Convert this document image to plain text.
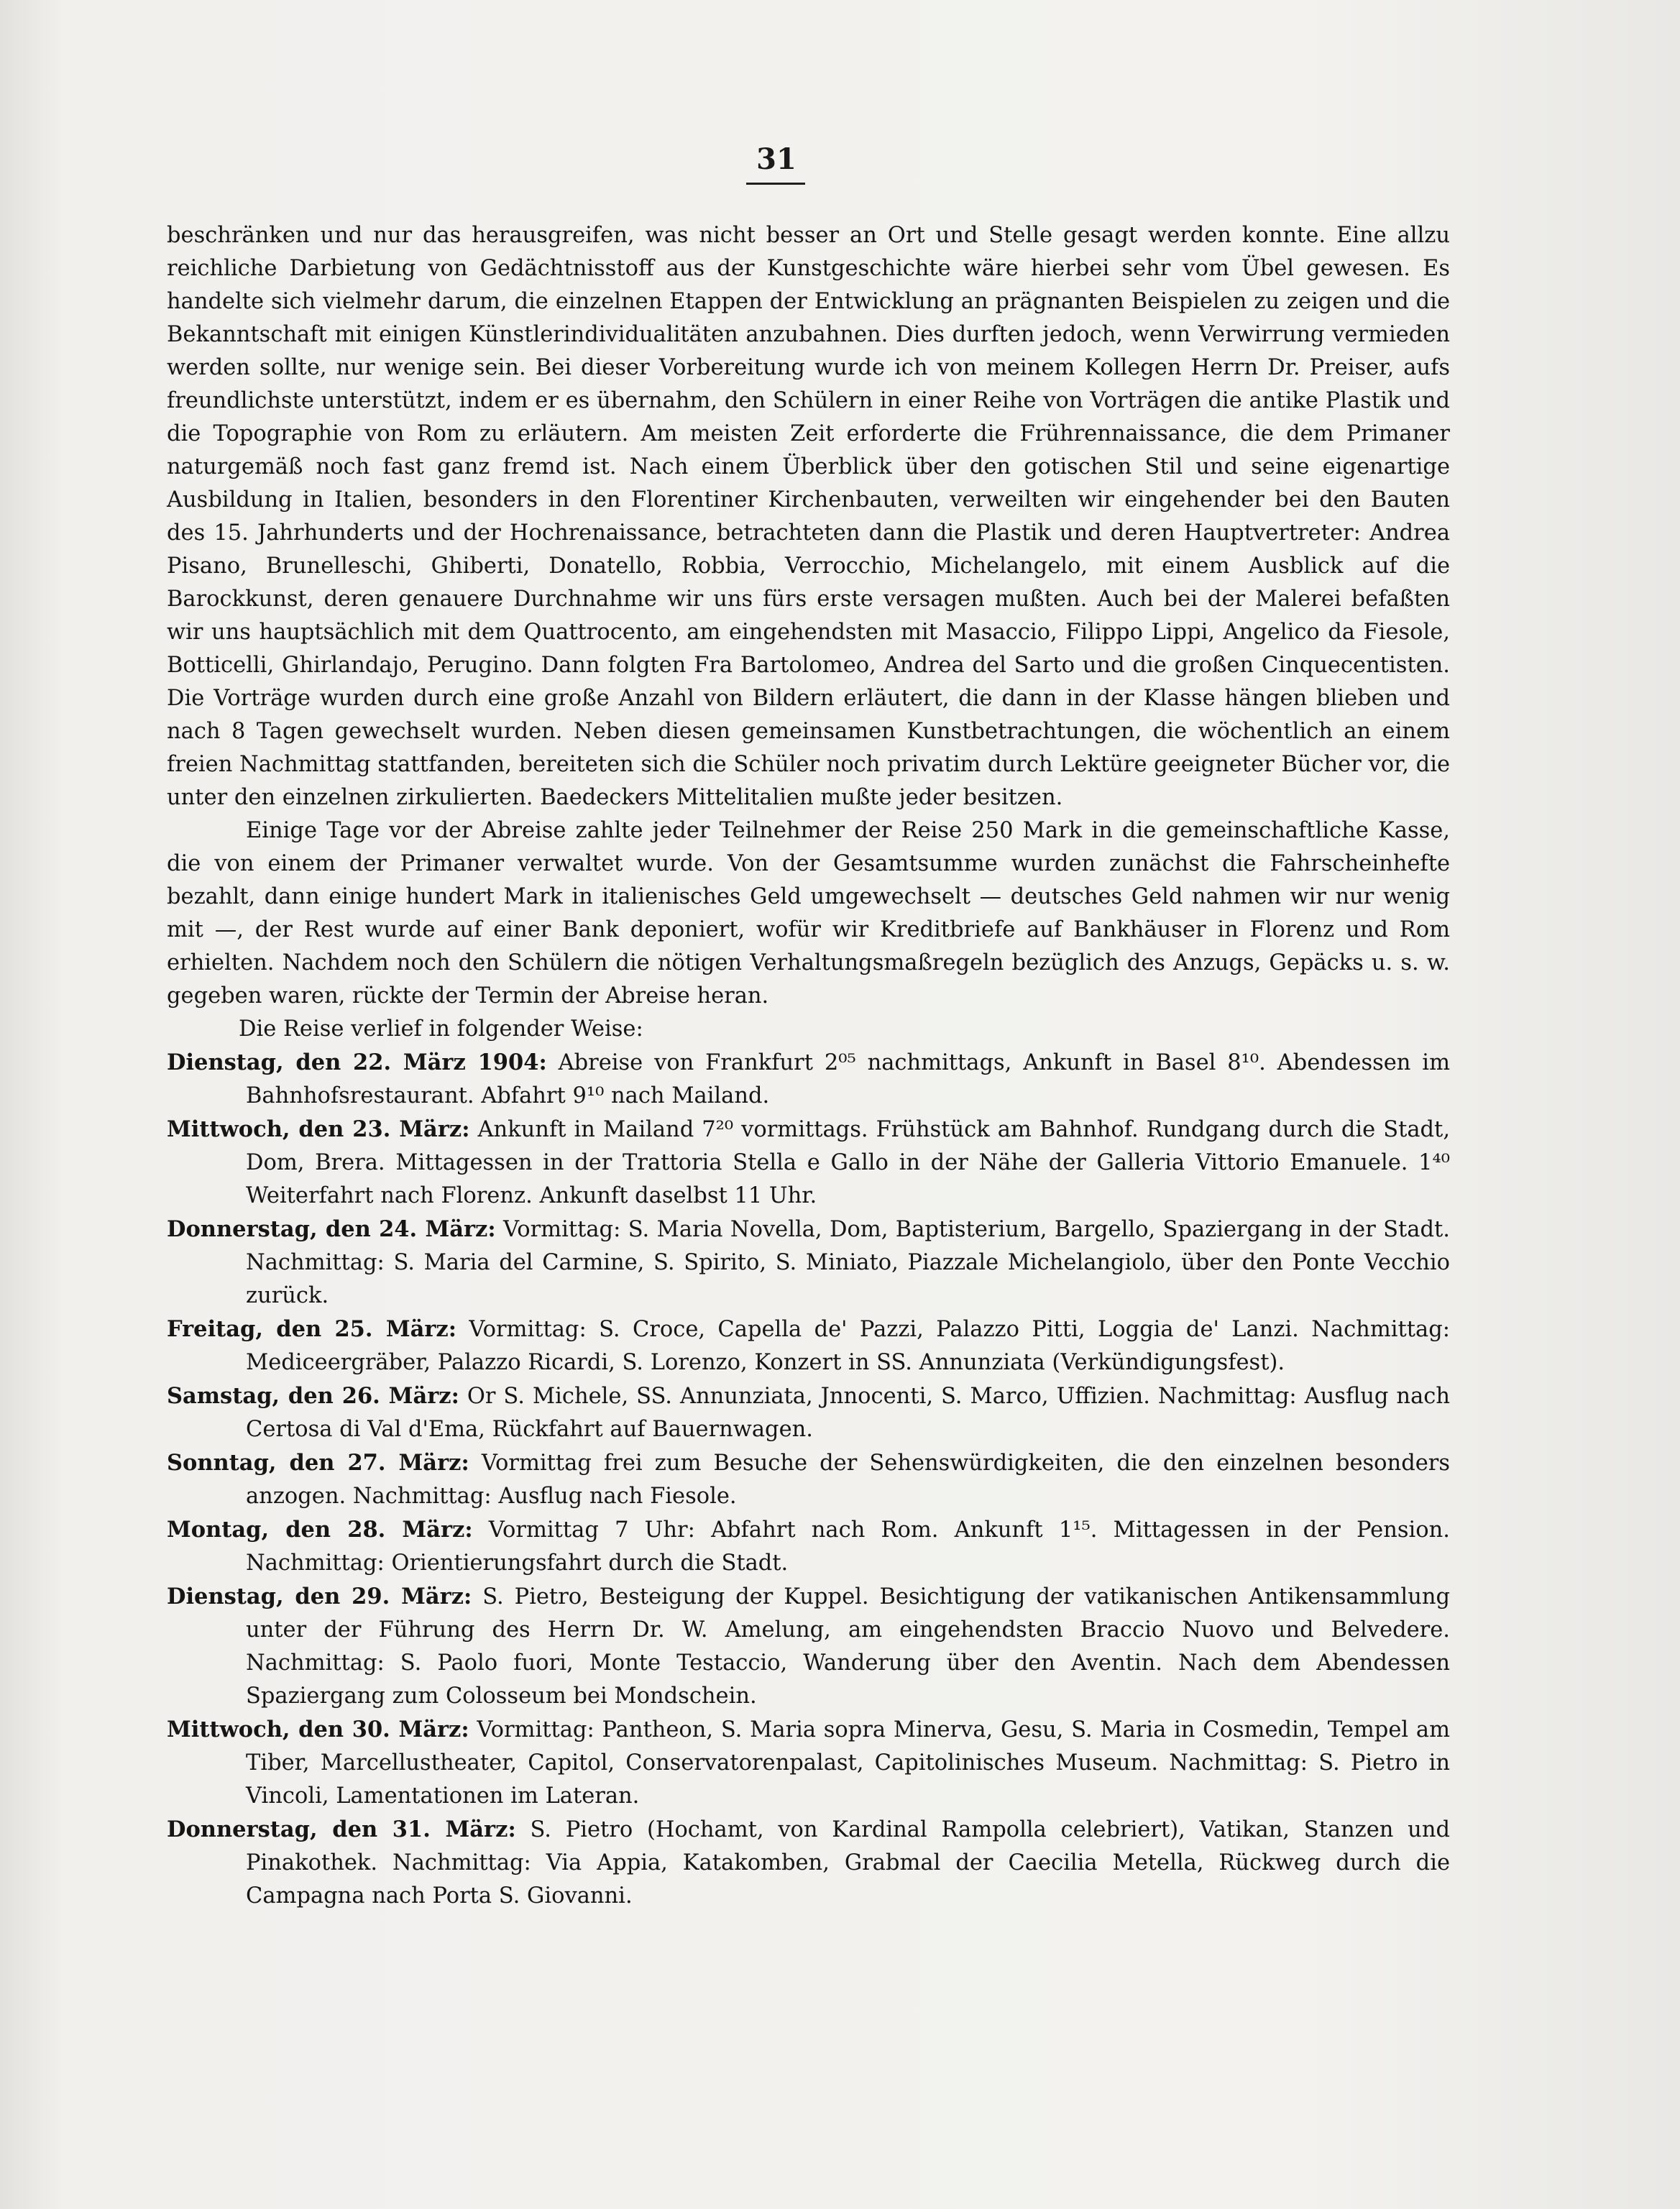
31

beschränken und nur das herausgreifen, was nicht besser an Ort und Stelle gesagt werden konnte. Eine allzu reichliche Darbietung von Gedächtnisstoff aus der Kunstgeschichte wäre hierbei sehr vom Übel gewesen. Es handelte sich vielmehr darum, die einzelnen Etappen der Entwicklung an prägnanten Beispielen zu zeigen und die Bekanntschaft mit einigen Künstlerindividualitäten anzubahnen. Dies durften jedoch, wenn Verwirrung vermieden werden sollte, nur wenige sein. Bei dieser Vorbereitung wurde ich von meinem Kollegen Herrn Dr. Preiser, aufs freundlichste unterstützt, indem er es übernahm, den Schülern in einer Reihe von Vorträgen die antike Plastik und die Topographie von Rom zu erläutern. Am meisten Zeit erforderte die Frührennaissance, die dem Primaner naturgemäß noch fast ganz fremd ist. Nach einem Überblick über den gotischen Stil und seine eigenartige Ausbildung in Italien, besonders in den Florentiner Kirchenbauten, verweilten wir eingehender bei den Bauten des 15. Jahrhunderts und der Hochrenaissance, betrachteten dann die Plastik und deren Hauptvertreter: Andrea Pisano, Brunelleschi, Ghiberti, Donatello, Robbia, Verrocchio, Michelangelo, mit einem Ausblick auf die Barockkunst, deren genauere Durchnahme wir uns fürs erste versagen mußten. Auch bei der Malerei befaßten wir uns hauptsächlich mit dem Quattrocento, am eingehendsten mit Masaccio, Filippo Lippi, Angelico da Fiesole, Botticelli, Ghirlandajo, Perugino. Dann folgten Fra Bartolomeo, Andrea del Sarto und die großen Cinquecentisten. Die Vorträge wurden durch eine große Anzahl von Bildern erläutert, die dann in der Klasse hängen blieben und nach 8 Tagen gewechselt wurden. Neben diesen gemeinsamen Kunstbetrachtungen, die wöchentlich an einem freien Nachmittag stattfanden, bereiteten sich die Schüler noch privatim durch Lektüre geeigneter Bücher vor, die unter den einzelnen zirkulierten. Baedeckers Mittelitalien mußte jeder besitzen.

Einige Tage vor der Abreise zahlte jeder Teilnehmer der Reise 250 Mark in die gemeinschaftliche Kasse, die von einem der Primaner verwaltet wurde. Von der Gesamtsumme wurden zunächst die Fahrscheinhefte bezahlt, dann einige hundert Mark in italienisches Geld umgewechselt — deutsches Geld nahmen wir nur wenig mit —, der Rest wurde auf einer Bank deponiert, wofür wir Kreditbriefe auf Bankhäuser in Florenz und Rom erhielten. Nachdem noch den Schülern die nötigen Verhaltungsmaßregeln bezüglich des Anzugs, Gepäcks u. s. w. gegeben waren, rückte der Termin der Abreise heran.

Die Reise verlief in folgender Weise:

Dienstag, den 22. März 1904: Abreise von Frankfurt 2⁰⁵ nachmittags, Ankunft in Basel 8¹⁰. Abendessen im Bahnhofsrestaurant. Abfahrt 9¹⁰ nach Mailand.

Mittwoch, den 23. März: Ankunft in Mailand 7²⁰ vormittags. Frühstück am Bahnhof. Rundgang durch die Stadt, Dom, Brera. Mittagessen in der Trattoria Stella e Gallo in der Nähe der Galleria Vittorio Emanuele. 1⁴⁰ Weiterfahrt nach Florenz. Ankunft daselbst 11 Uhr.

Donnerstag, den 24. März: Vormittag: S. Maria Novella, Dom, Baptisterium, Bargello, Spaziergang in der Stadt. Nachmittag: S. Maria del Carmine, S. Spirito, S. Miniato, Piazzale Michelangiolo, über den Ponte Vecchio zurück.

Freitag, den 25. März: Vormittag: S. Croce, Capella de' Pazzi, Palazzo Pitti, Loggia de' Lanzi. Nachmittag: Mediceergräber, Palazzo Ricardi, S. Lorenzo, Konzert in SS. Annunziata (Verkündigungsfest).

Samstag, den 26. März: Or S. Michele, SS. Annunziata, Jnnocenti, S. Marco, Uffizien. Nachmittag: Ausflug nach Certosa di Val d'Ema, Rückfahrt auf Bauernwagen.

Sonntag, den 27. März: Vormittag frei zum Besuche der Sehenswürdigkeiten, die den einzelnen besonders anzogen. Nachmittag: Ausflug nach Fiesole.

Montag, den 28. März: Vormittag 7 Uhr: Abfahrt nach Rom. Ankunft 1¹⁵. Mittagessen in der Pension. Nachmittag: Orientierungsfahrt durch die Stadt.

Dienstag, den 29. März: S. Pietro, Besteigung der Kuppel. Besichtigung der vatikanischen Antikensammlung unter der Führung des Herrn Dr. W. Amelung, am eingehendsten Braccio Nuovo und Belvedere. Nachmittag: S. Paolo fuori, Monte Testaccio, Wanderung über den Aventin. Nach dem Abendessen Spaziergang zum Colosseum bei Mondschein.

Mittwoch, den 30. März: Vormittag: Pantheon, S. Maria sopra Minerva, Gesu, S. Maria in Cosmedin, Tempel am Tiber, Marcellustheater, Capitol, Conservatorenpalast, Capitolinisches Museum. Nachmittag: S. Pietro in Vincoli, Lamentationen im Lateran.

Donnerstag, den 31. März: S. Pietro (Hochamt, von Kardinal Rampolla celebriert), Vatikan, Stanzen und Pinakothek. Nachmittag: Via Appia, Katakomben, Grabmal der Caecilia Metella, Rückweg durch die Campagna nach Porta S. Giovanni.
